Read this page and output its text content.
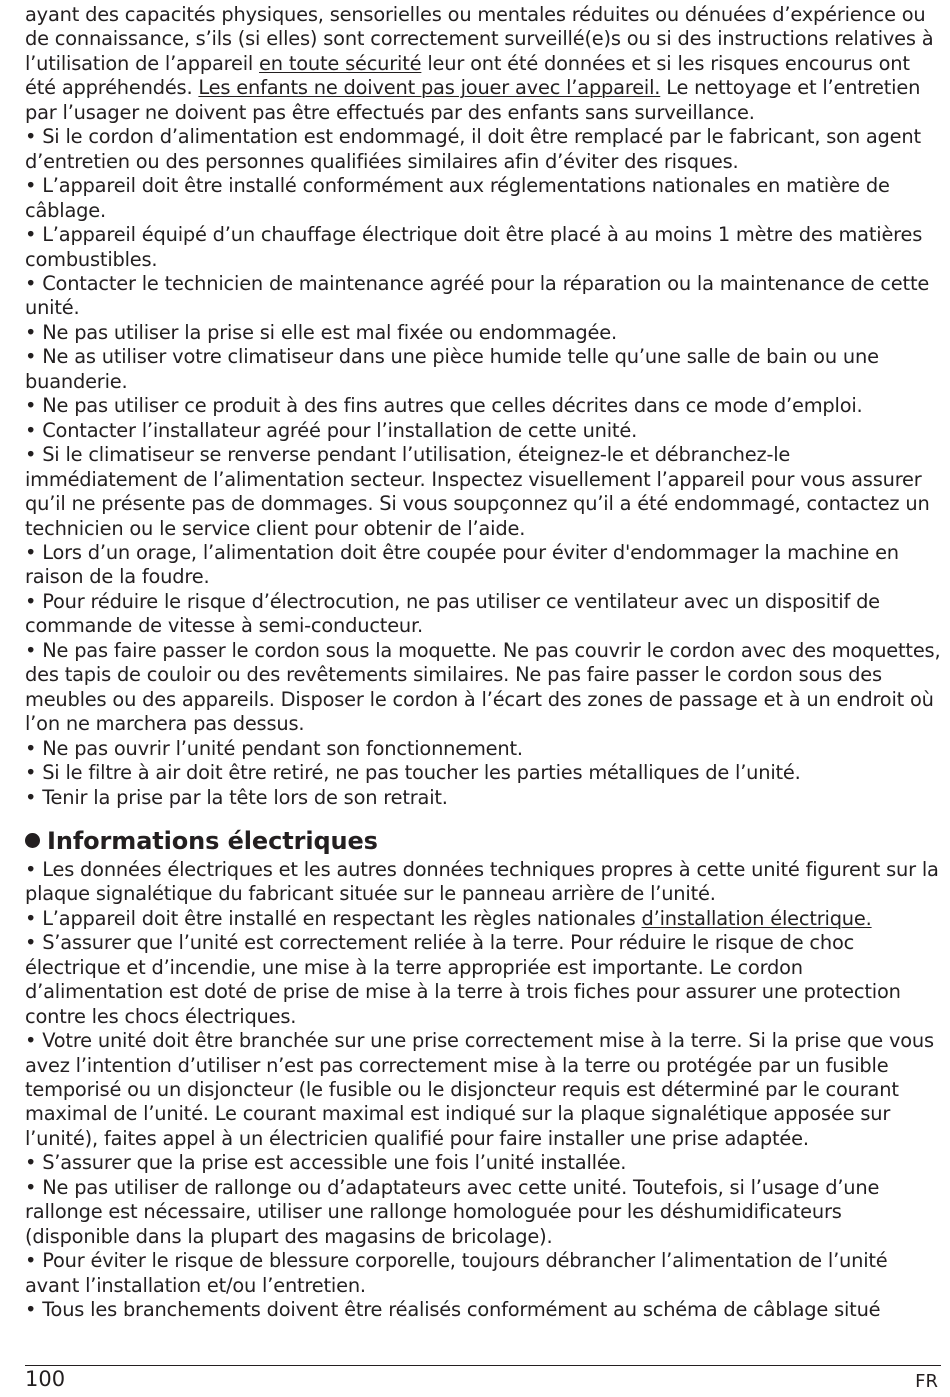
ayant des capacités physiques, sensorielles ou mentales réduites ou dénuées d’expérience ou de connaissance, s’ils (si elles) sont correctement surveillé(e)s ou si des instructions relatives à l’utilisation de l’appareil en toute sécurité leur ont été données et si les risques encourus ont été appréhendés. Les enfants ne doivent pas jouer avec l’appareil. Le nettoyage et l’entretien par l’usager ne doivent pas être effectués par des enfants sans surveillance.

• Si le cordon d’alimentation est endommagé, il doit être remplacé par le fabricant, son agent d’entretien ou des personnes qualifiées similaires afin d’éviter des risques.

• L’appareil doit être installé conformément aux réglementations nationales en matière de câblage.

• L’appareil équipé d’un chauffage électrique doit être placé à au moins 1 mètre des matières combustibles.

• Contacter le technicien de maintenance agréé pour la réparation ou la maintenance de cette unité.

• Ne pas utiliser la prise si elle est mal fixée ou endommagée.

• Ne as utiliser votre climatiseur dans une pièce humide telle qu’une salle de bain ou une buanderie.

• Ne pas utiliser ce produit à des fins autres que celles décrites dans ce mode d’emploi.

• Contacter l’installateur agréé pour l’installation de cette unité.

• Si le climatiseur se renverse pendant l’utilisation, éteignez-le et débranchez-le immédiatement de l’alimentation secteur. Inspectez visuellement l’appareil pour vous assurer qu’il ne présente pas de dommages. Si vous soupçonnez qu’il a été endommagé, contactez un technicien ou le service client pour obtenir de l’aide.

• Lors d’un orage, l’alimentation doit être coupée pour éviter d'endommager la machine en raison de la foudre.

• Pour réduire le risque d’électrocution, ne pas utiliser ce ventilateur avec un dispositif de commande de vitesse à semi-conducteur.

• Ne pas faire passer le cordon sous la moquette. Ne pas couvrir le cordon avec des moquettes, des tapis de couloir ou des revêtements similaires. Ne pas faire passer le cordon sous des meubles ou des appareils. Disposer le cordon à l’écart des zones de passage et à un endroit où l’on ne marchera pas dessus.

• Ne pas ouvrir l’unité pendant son fonctionnement.

• Si le filtre à air doit être retiré, ne pas toucher les parties métalliques de l’unité.

• Tenir la prise par la tête lors de son retrait.

Informations électriques

• Les données électriques et les autres données techniques propres à cette unité figurent sur la plaque signalétique du fabricant située sur le panneau arrière de l’unité.

• L’appareil doit être installé en respectant les règles nationales d’installation électrique.

• S’assurer que l’unité est correctement reliée à la terre. Pour réduire le risque de choc électrique et d’incendie, une mise à la terre appropriée est importante. Le cordon d’alimentation est doté de prise de mise à la terre à trois fiches pour assurer une protection contre les chocs électriques.

• Votre unité doit être branchée sur une prise correctement mise à la terre. Si la prise que vous avez l’intention d’utiliser n’est pas correctement mise à la terre ou protégée par un fusible temporisé ou un disjoncteur (le fusible ou le disjoncteur requis est déterminé par le courant maximal de l’unité. Le courant maximal est indiqué sur la plaque signalétique apposée sur l’unité), faites appel à un électricien qualifié pour faire installer une prise adaptée.

• S’assurer que la prise est accessible une fois l’unité installée.

• Ne pas utiliser de rallonge ou d’adaptateurs avec cette unité. Toutefois, si l’usage d’une rallonge est nécessaire, utiliser une rallonge homologuée pour les déshumidificateurs (disponible dans la plupart des magasins de bricolage).

• Pour éviter le risque de blessure corporelle, toujours débrancher l’alimentation de l’unité avant l’installation et/ou l’entretien.

• Tous les branchements doivent être réalisés conformément au schéma de câblage situé

100	FR
